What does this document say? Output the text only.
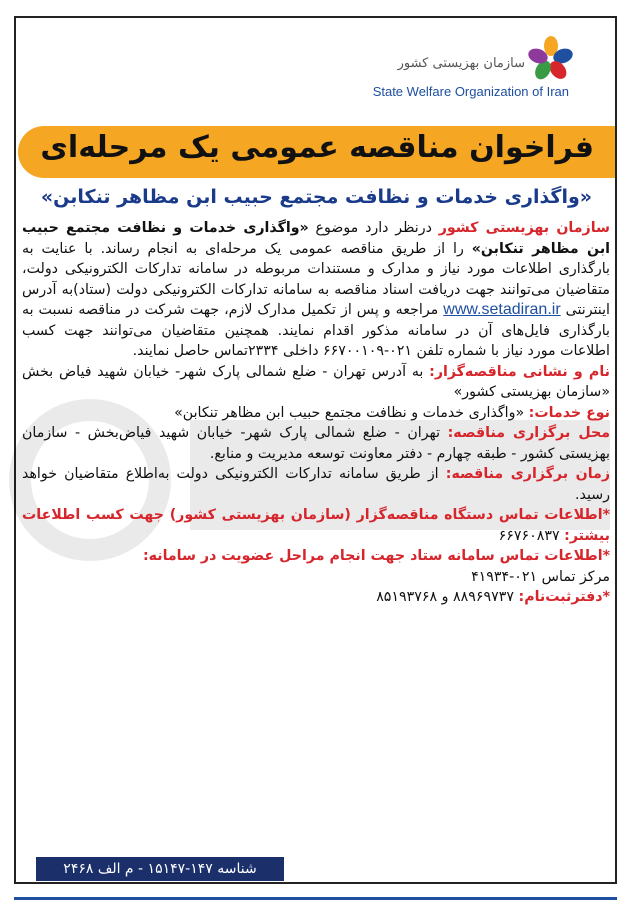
سازمان بهزیستی کشور
State Welfare Organization of Iran
فراخوان مناقصه عمومی یک مرحله‌ای
«واگذاری خدمات و نظافت مجتمع حبیب ابن مظاهر تنکابن»

سازمان بهزیستی کشور درنظر دارد موضوع «واگذاری خدمات و نظافت مجتمع حبیب ابن مظاهر تنکابن» را از طریق مناقصه عمومی یک مرحله‌ای به انجام رساند. با عنایت به بارگذاری اطلاعات مورد نیاز و مدارک و مستندات مربوطه در سامانه تدارکات الکترونیکی دولت، متقاضیان می‌توانند جهت دریافت اسناد مناقصه به سامانه تدارکات الکترونیکی دولت (ستاد)به آدرس اینترنتی www.setadiran.ir مراجعه و پس از تکمیل مدارک لازم، جهت شرکت در مناقصه نسبت به بارگذاری فایل‌های آن در سامانه مذکور اقدام نمایند. همچنین متقاضیان می‌توانند جهت کسب اطلاعات مورد نیاز با شماره تلفن ۰۲۱-۶۶۷۰۰۱۰۹ داخلی ۲۳۳۴تماس حاصل نمایند.

نام و نشانی مناقصه‌گزار: به آدرس تهران - ضلع شمالی پارک شهر- خیابان شهید فیاض بخش «سازمان بهزیستی کشور»

نوع خدمات: «واگذاری خدمات و نظافت مجتمع حبیب ابن مظاهر تنکابن»

محل برگزاری مناقصه: تهران - ضلع شمالی پارک شهر- خیابان شهید فیاض‌بخش - سازمان بهزیستی کشور - طبقه چهارم - دفتر معاونت توسعه مدیریت و منابع.

زمان برگزاری مناقصه: از طریق سامانه تدارکات الکترونیکی دولت به‌اطلاع متقاضیان خواهد رسید.

*اطلاعات تماس دستگاه مناقصه‌گزار (سازمان بهزیستی کشور) جهت کسب اطلاعات بیشتر: ۶۶۷۶۰۸۳۷

*اطلاعات تماس سامانه ستاد جهت انجام مراحل عضویت در سامانه:
مرکز تماس ۰۲۱-۴۱۹۳۴

*دفترثبت‌نام: ۸۸۹۶۹۷۳۷ و ۸۵۱۹۳۷۶۸

شناسه ۱۴۷-۱۵۱۴۷ - م الف ۲۴۶۸
